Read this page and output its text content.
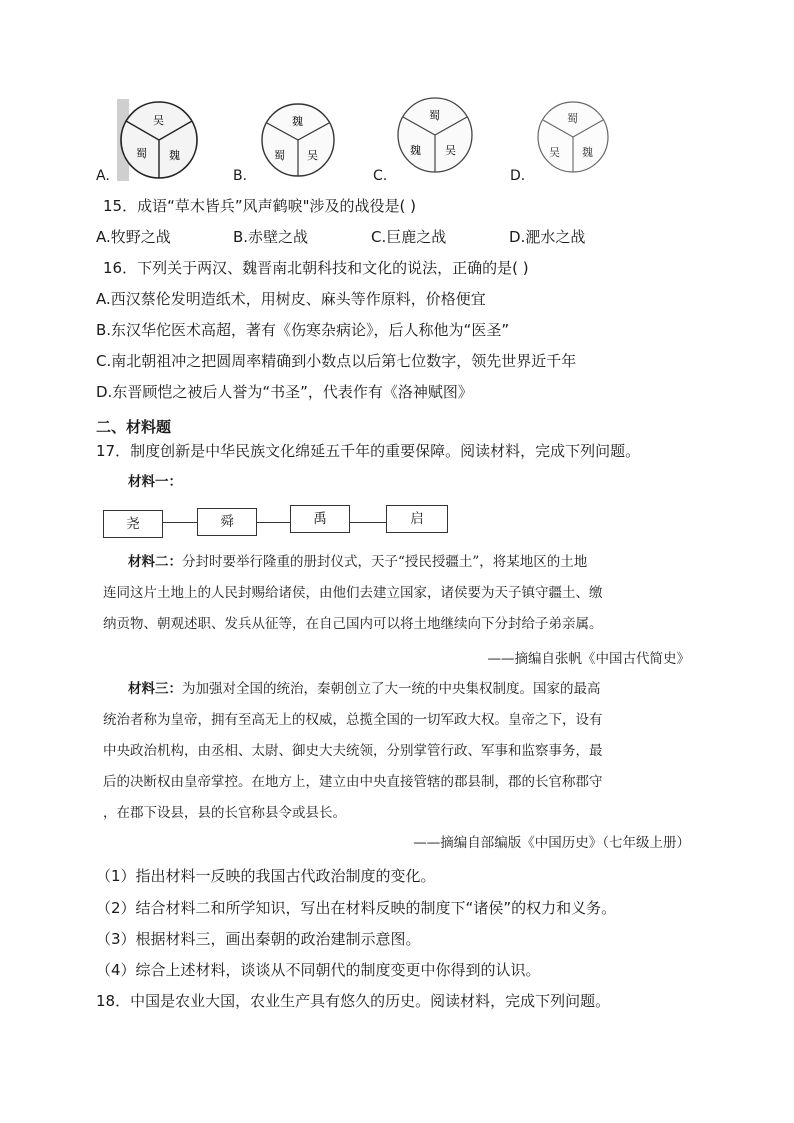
A.
吴
蜀 魏
B.
魏
蜀 吴
C.
蜀
魏 吴
D.
蜀
吴 魏
15．成语“草木皆兵”风声鹤唳"涉及的战役是( )
A.牧野之战	B.赤壁之战	C.巨鹿之战	D.淝水之战
16．下列关于两汉、魏晋南北朝科技和文化的说法，正确的是( )
A.西汉蔡伦发明造纸术，用树皮、麻头等作原料，价格便宜
B.东汉华佗医术高超，著有《伤寒杂病论》，后人称他为“医圣”
C.南北朝祖冲之把圆周率精确到小数点以后第七位数字，领先世界近千年
D.东晋顾恺之被后人誉为“书圣”，代表作有《洛神赋图》
二、材料题
17．制度创新是中华民族文化绵延五千年的重要保障。阅读材料，完成下列问题。
材料一：
尧	舜	禹	启
材料二：分封时要举行隆重的册封仪式，天子“授民授疆土”，将某地区的土地
连同这片土地上的人民封赐给诸侯，由他们去建立国家，诸侯要为天子镇守疆土、缴
纳贡物、朝观述职、发兵从征等，在自己国内可以将土地继续向下分封给子弟亲属。
——摘编自张帆《中国古代简史》
材料三：为加强对全国的统治，秦朝创立了大一统的中央集权制度。国家的最高
统治者称为皇帝，拥有至高无上的权威，总揽全国的一切军政大权。皇帝之下，设有
中央政治机构，由丞相、太尉、御史大夫统领，分别掌管行政、军事和监察事务，最
后的决断权由皇帝掌控。在地方上，建立由中央直接管辖的郡县制，郡的长官称郡守
，在郡下设县，县的长官称县令或县长。
——摘编自部编版《中国历史》（七年级上册）
（1）指出材料一反映的我国古代政治制度的变化。
（2）结合材料二和所学知识，写出在材料反映的制度下“诸侯”的权力和义务。
（3）根据材料三，画出秦朝的政治建制示意图。
（4）综合上述材料，谈谈从不同朝代的制度变更中你得到的认识。
18．中国是农业大国，农业生产具有悠久的历史。阅读材料，完成下列问题。
